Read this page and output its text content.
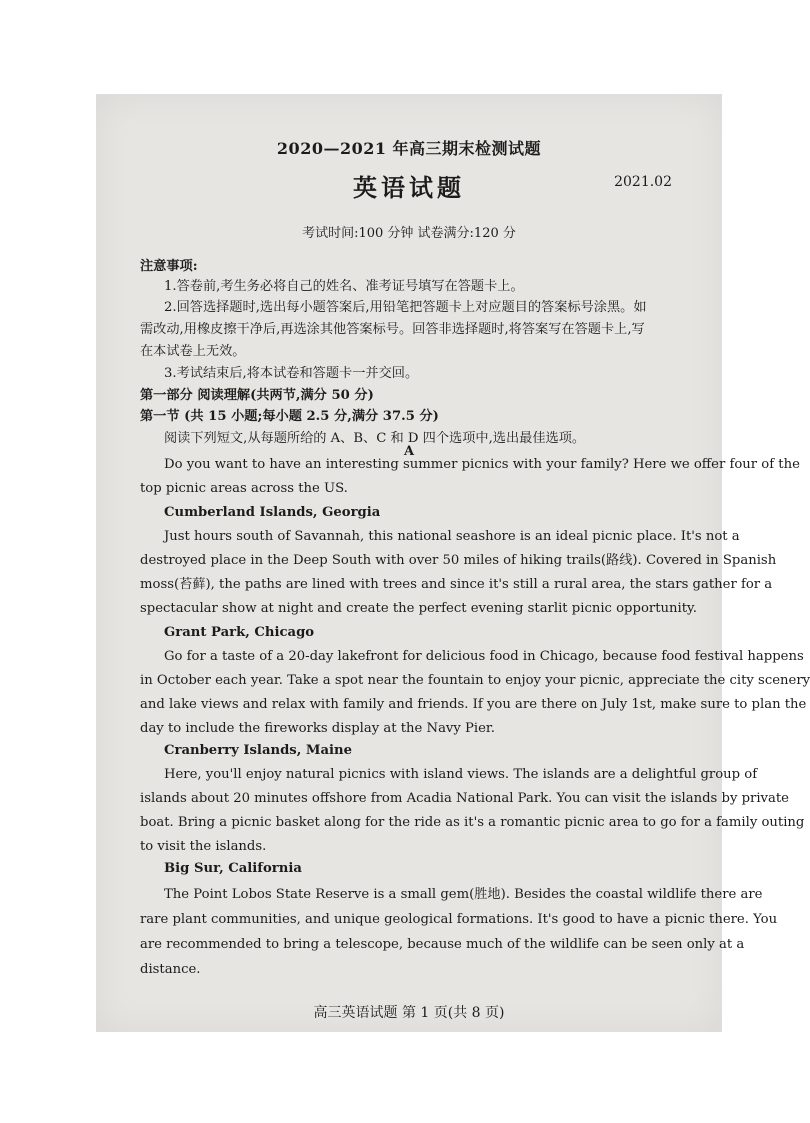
2020—2021 年高三期末检测试题
英语试题	2021.02
考试时间:100 分钟 试卷满分:120 分
注意事项:
1.答卷前,考生务必将自己的姓名、准考证号填写在答题卡上。
2.回答选择题时,选出每小题答案后,用铅笔把答题卡上对应题目的答案标号涂黑。如
需改动,用橡皮擦干净后,再选涂其他答案标号。回答非选择题时,将答案写在答题卡上,写
在本试卷上无效。
3.考试结束后,将本试卷和答题卡一并交回。
第一部分 阅读理解(共两节,满分 50 分)
第一节 (共 15 小题;每小题 2.5 分,满分 37.5 分)
阅读下列短文,从每题所给的 A、B、C 和 D 四个选项中,选出最佳选项。
A
Do you want to have an interesting summer picnics with your family? Here we offer four of the
top picnic areas across the US.
Cumberland Islands, Georgia
Just hours south of Savannah, this national seashore is an ideal picnic place. It's not a
destroyed place in the Deep South with over 50 miles of hiking trails(路线). Covered in Spanish
moss(苔藓), the paths are lined with trees and since it's still a rural area, the stars gather for a
spectacular show at night and create the perfect evening starlit picnic opportunity.
Grant Park, Chicago
Go for a taste of a 20-day lakefront for delicious food in Chicago, because food festival happens
in October each year. Take a spot near the fountain to enjoy your picnic, appreciate the city scenery
and lake views and relax with family and friends. If you are there on July 1st, make sure to plan the
day to include the fireworks display at the Navy Pier.
Cranberry Islands, Maine
Here, you'll enjoy natural picnics with island views. The islands are a delightful group of
islands about 20 minutes offshore from Acadia National Park. You can visit the islands by private
boat. Bring a picnic basket along for the ride as it's a romantic picnic area to go for a family outing
to visit the islands.
Big Sur, California
The Point Lobos State Reserve is a small gem(胜地). Besides the coastal wildlife there are
rare plant communities, and unique geological formations. It's good to have a picnic there. You
are recommended to bring a telescope, because much of the wildlife can be seen only at a
distance.
高三英语试题 第 1 页(共 8 页)
